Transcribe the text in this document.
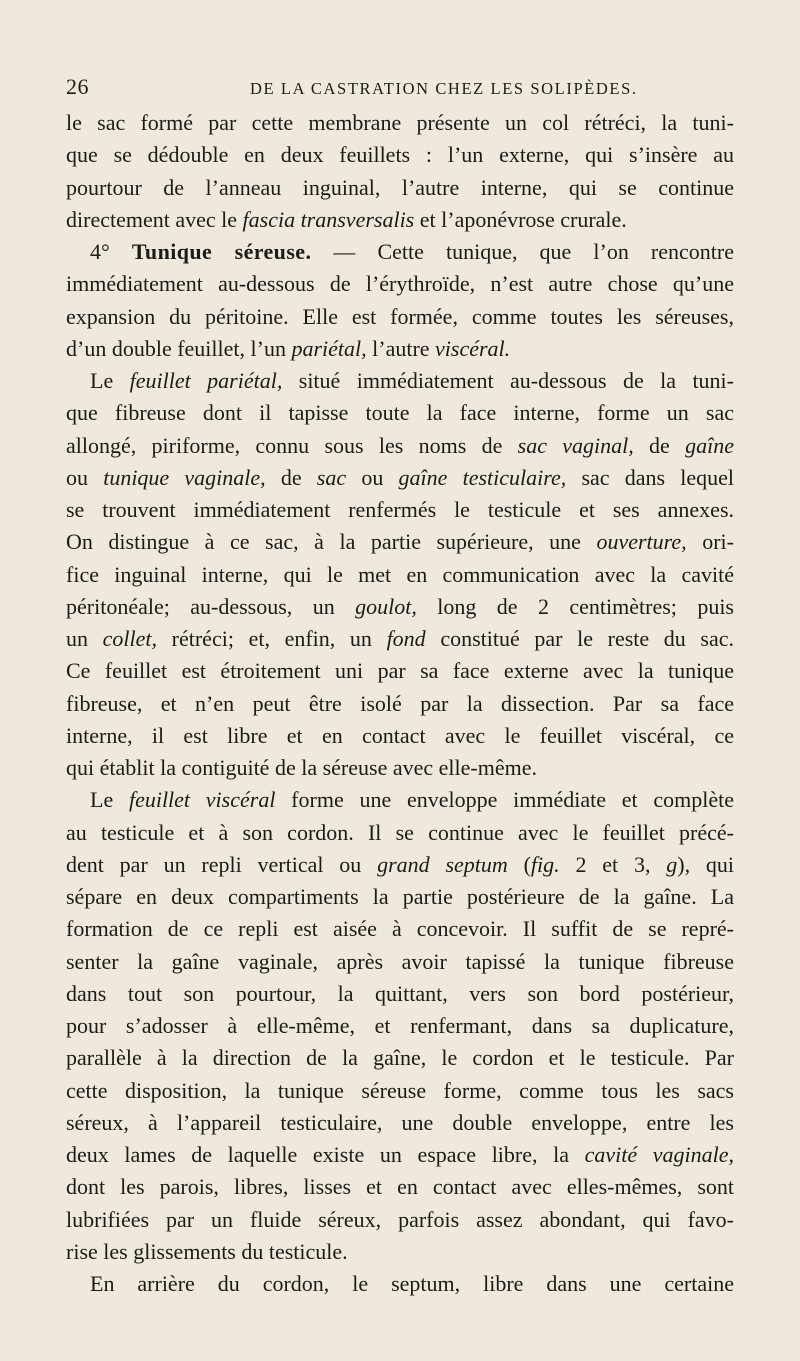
26	DE LA CASTRATION CHEZ LES SOLIPÈDES.
le sac formé par cette membrane présente un col rétréci, la tuni-
que se dédouble en deux feuillets : l’un externe, qui s’insère au
pourtour de l’anneau inguinal, l’autre interne, qui se continue
directement avec le fascia transversalis et l’aponévrose crurale.
4° Tunique séreuse. — Cette tunique, que l’on rencontre
immédiatement au-dessous de l’érythroïde, n’est autre chose qu’une
expansion du péritoine. Elle est formée, comme toutes les séreuses,
d’un double feuillet, l’un pariétal, l’autre viscéral.
Le feuillet pariétal, situé immédiatement au-dessous de la tuni-
que fibreuse dont il tapisse toute la face interne, forme un sac
allongé, piriforme, connu sous les noms de sac vaginal, de gaîne
ou tunique vaginale, de sac ou gaîne testiculaire, sac dans lequel
se trouvent immédiatement renfermés le testicule et ses annexes.
On distingue à ce sac, à la partie supérieure, une ouverture, ori-
fice inguinal interne, qui le met en communication avec la cavité
péritonéale; au-dessous, un goulot, long de 2 centimètres; puis
un collet, rétréci; et, enfin, un fond constitué par le reste du sac.
Ce feuillet est étroitement uni par sa face externe avec la tunique
fibreuse, et n’en peut être isolé par la dissection. Par sa face
interne, il est libre et en contact avec le feuillet viscéral, ce
qui établit la contiguité de la séreuse avec elle-même.
Le feuillet viscéral forme une enveloppe immédiate et complète
au testicule et à son cordon. Il se continue avec le feuillet précé-
dent par un repli vertical ou grand septum (fig. 2 et 3, g), qui
sépare en deux compartiments la partie postérieure de la gaîne. La
formation de ce repli est aisée à concevoir. Il suffit de se repré-
senter la gaîne vaginale, après avoir tapissé la tunique fibreuse
dans tout son pourtour, la quittant, vers son bord postérieur,
pour s’adosser à elle-même, et renfermant, dans sa duplicature,
parallèle à la direction de la gaîne, le cordon et le testicule. Par
cette disposition, la tunique séreuse forme, comme tous les sacs
séreux, à l’appareil testiculaire, une double enveloppe, entre les
deux lames de laquelle existe un espace libre, la cavité vaginale,
dont les parois, libres, lisses et en contact avec elles-mêmes, sont
lubrifiées par un fluide séreux, parfois assez abondant, qui favo-
rise les glissements du testicule.
En arrière du cordon, le septum, libre dans une certaine
